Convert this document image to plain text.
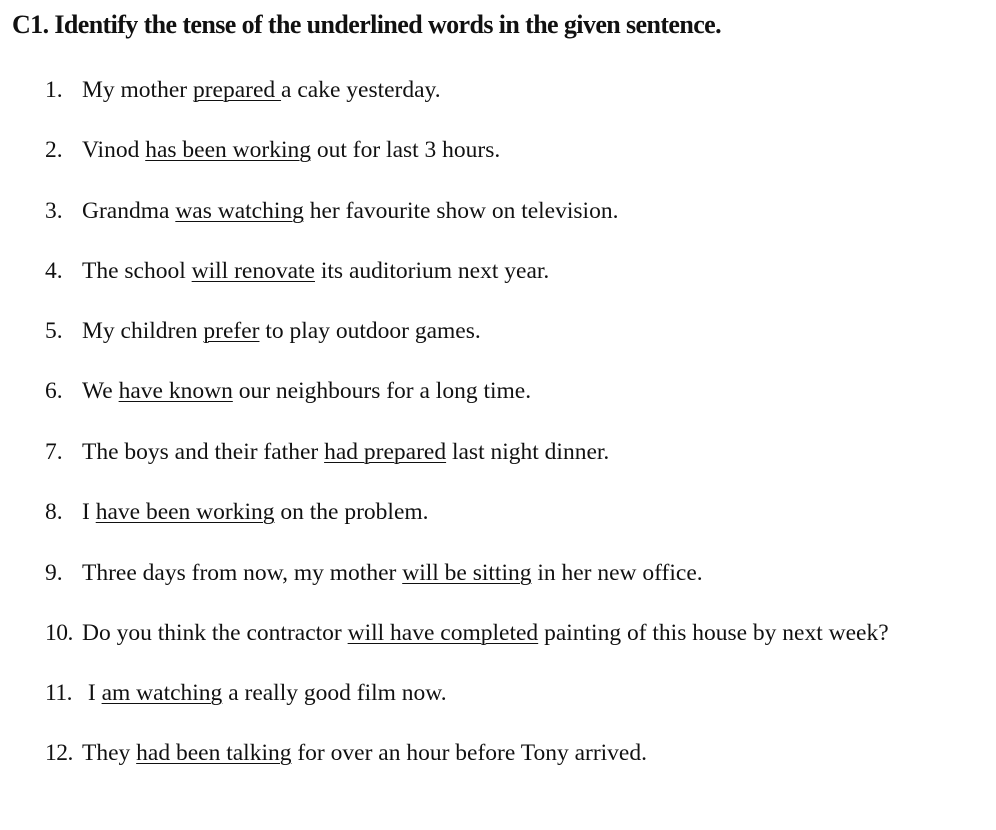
C1. Identify the tense of the underlined words in the given sentence.
1. My mother prepared a cake yesterday.
2. Vinod has been working out for last 3 hours.
3. Grandma was watching her favourite show on television.
4. The school will renovate its auditorium next year.
5. My children prefer to play outdoor games.
6. We have known our neighbours for a long time.
7. The boys and their father had prepared last night dinner.
8. I have been working on the problem.
9. Three days from now, my mother will be sitting in her new office.
10. Do you think the contractor will have completed painting of this house by next week?
11. I am watching a really good film now.
12. They had been talking for over an hour before Tony arrived.
